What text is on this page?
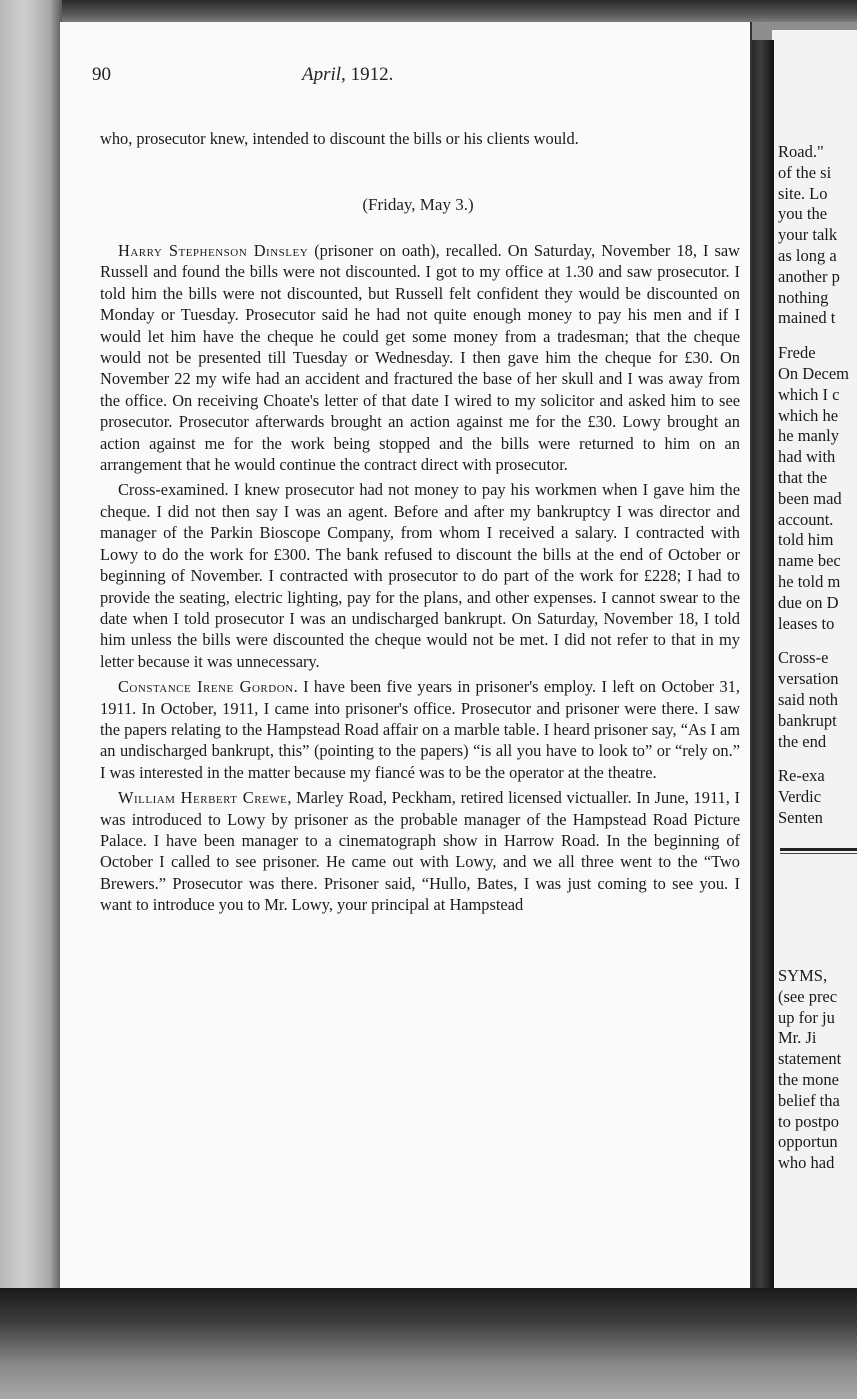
Road."
of the si
site. Lo
you the
your talk
as long a
another p
nothing
mained t
Frede
On Decem
which I c
which he
he manly
had with
that the
been mad
account.
told him
name bec
he told m
due on D
leases to
Cross-e
versation
said noth
bankrupt
the end
Re-exa
Verdic
Senten
SYMS,
(see prec
up for ju
Mr. Ji
statement
the mone
belief tha
to postpo
opportun
who had
90	April, 1912.

who, prosecutor knew, intended to discount the bills or his clients would.

(Friday, May 3.)

Harry Stephenson Dinsley (prisoner on oath), recalled. On Saturday, November 18, I saw Russell and found the bills were not discounted. I got to my office at 1.30 and saw prosecutor. I told him the bills were not discounted, but Russell felt confident they would be discounted on Monday or Tuesday. Prosecutor said he had not quite enough money to pay his men and if I would let him have the cheque he could get some money from a tradesman; that the cheque would not be presented till Tuesday or Wednesday. I then gave him the cheque for £30. On November 22 my wife had an accident and fractured the base of her skull and I was away from the office. On receiving Choate's letter of that date I wired to my solicitor and asked him to see prosecutor. Prosecutor afterwards brought an action against me for the £30. Lowy brought an action against me for the work being stopped and the bills were returned to him on an arrangement that he would continue the contract direct with prosecutor.

Cross-examined. I knew prosecutor had not money to pay his workmen when I gave him the cheque. I did not then say I was an agent. Before and after my bankruptcy I was director and manager of the Parkin Bioscope Company, from whom I received a salary. I contracted with Lowy to do the work for £300. The bank refused to discount the bills at the end of October or beginning of November. I contracted with prosecutor to do part of the work for £228; I had to provide the seating, electric lighting, pay for the plans, and other expenses. I cannot swear to the date when I told prosecutor I was an undischarged bankrupt. On Saturday, November 18, I told him unless the bills were discounted the cheque would not be met. I did not refer to that in my letter because it was unnecessary.

Constance Irene Gordon. I have been five years in prisoner's employ. I left on October 31, 1911. In October, 1911, I came into prisoner's office. Prosecutor and prisoner were there. I saw the papers relating to the Hampstead Road affair on a marble table. I heard prisoner say, “As I am an undischarged bankrupt, this” (pointing to the papers) “is all you have to look to” or “rely on.” I was interested in the matter because my fiancé was to be the operator at the theatre.

William Herbert Crewe, Marley Road, Peckham, retired licensed victualler. In June, 1911, I was introduced to Lowy by prisoner as the probable manager of the Hampstead Road Picture Palace. I have been manager to a cinematograph show in Harrow Road. In the beginning of October I called to see prisoner. He came out with Lowy, and we all three went to the “Two Brewers.” Prosecutor was there. Prisoner said, “Hullo, Bates, I was just coming to see you. I want to introduce you to Mr. Lowy, your principal at Hampstead
